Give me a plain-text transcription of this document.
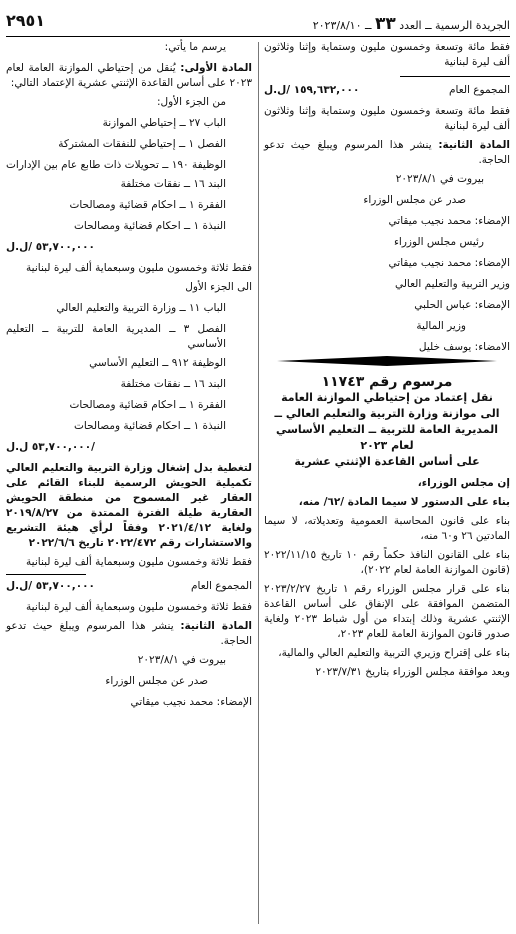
٢٩٥١	الجريدة الرسمية ــ العدد ٣٣ ــ ٢٠٢٣/٨/١٠

فقط مائة وتسعة وخمسون مليون وستماية وإثنا وثلاثون ألف ليرة لبنانية

المجموع العام
١٥٩,٦٣٢,٠٠٠ /ل.ل

فقط مائة وتسعة وخمسون مليون وستماية وإثنا وثلاثون ألف ليرة لبنانية

المادة الثانية: ينشر هذا المرسوم ويبلغ حيث تدعو الحاجة.

بيروت في ٢٠٢٣/٨/١

صدر عن مجلس الوزراء

الإمضاء: محمد نجيب ميقاتي

رئيس مجلس الوزراء

الإمضاء: محمد نجيب ميقاتي

وزير التربية والتعليم العالي

الإمضاء: عباس الحلبي

وزير المالية

الامضاء: يوسف خليل

مرسوم رقم ١١٧٤٣
نقل إعتماد من إحتياطي الموازنة العامة
الى موازنة وزارة التربية والتعليم العالي ــ المديرية العامة للتربية ــ التعليم الأساسي
لعام ٢٠٢٣
على أساس القاعدة الإثنتي عشرية

إن مجلس الوزراء،

بناء على الدستور لا سيما المادة /٦٢/ منه،

بناء على قانون المحاسبة العمومية وتعديلاته، لا سيما المادتين ٢٦ و٦٠ منه،

بناء على القانون النافذ حكماً رقم ١٠ تاريخ ٢٠٢٢/١١/١٥ (قانون الموازنة العامة لعام ٢٠٢٢)،

بناء على قرار مجلس الوزراء رقم ١ تاريخ ٢٠٢٣/٢/٢٧ المتضمن الموافقة على الإنفاق على أساس القاعدة الإثنتي عشرية وذلك إبتداء من أول شباط ٢٠٢٣ ولغاية صدور قانون الموازنة العامة للعام ٢٠٢٣،

بناء على إقتراح وزيري التربية والتعليم العالي والمالية،

وبعد موافقة مجلس الوزراء بتاريخ ٢٠٢٣/٧/٣١

يرسم ما يأتي:

المادة الأولى: يُنقل من إحتياطي الموازنة العامة لعام ٢٠٢٣ على أساس القاعدة الإثنتي عشرية الإعتماد التالي:

من الجزء الأول:

الباب ٢٧ ــ إحتياطي الموازنة

الفصل ١ ــ إحتياطي للنفقات المشتركة

الوظيفة ١٩٠ ــ تحويلات ذات طابع عام بين الإدارات

البند ١٦ ــ نفقات مختلفة

الفقرة ١ ــ احكام قضائية ومصالحات

النبذة ١ ــ احكام قضائية ومصالحات

٥٣,٧٠٠,٠٠٠ /ل.ل

فقط ثلاثة وخمسون مليون وسبعماية ألف ليرة لبنانية

الى الجزء الأول

الباب ١١ ــ وزارة التربية والتعليم العالي

الفصل ٣ ــ المديرية العامة للتربية ــ التعليم الأساسي

الوظيفة ٩١٢ ــ التعليم الأساسي

البند ١٦ ــ نفقات مختلفة

الفقرة ١ ــ احكام قضائية ومصالحات

النبذة ١ ــ احكام قضائية ومصالحات

٥٣,٧٠٠,٠٠٠ ل.ل/

لتغطية بدل إشغال وزارة التربية والتعليم العالي تكميلية الحويش الرسمية للبناء القائم على العقار غير المسموح من منطقة الحويش العقارية طيلة الفترة الممتدة من ٢٠١٩/٨/٢٧ ولغاية ٢٠٢١/٤/١٢ وفقاً لرأي هيئة التشريع والاستشارات رقم ٢٠٢٢/٤٧٢ تاريخ ٢٠٢٢/٦/٦

فقط ثلاثة وخمسون مليون وسبعماية ألف ليرة لبنانية

المجموع العام
٥٣,٧٠٠,٠٠٠ /ل.ل

فقط ثلاثة وخمسون مليون وسبعماية ألف ليرة لبنانية

المادة الثانية: ينشر هذا المرسوم ويبلغ حيث تدعو الحاجة.

بيروت في ٢٠٢٣/٨/١

صدر عن مجلس الوزراء

الإمضاء: محمد نجيب ميقاتي
